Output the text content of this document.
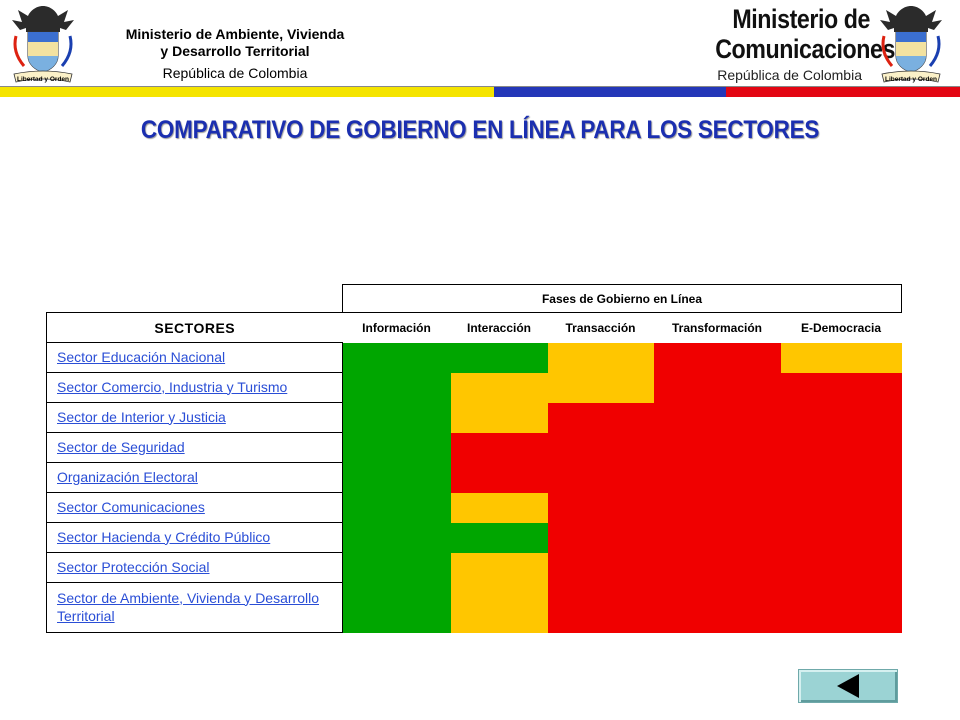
Libertad y Orden
Ministerio de Ambiente, Vivienda
y Desarrollo Territorial
República de Colombia
Ministerio de
Comunicaciones
República de Colombia	Libertad y Orden
COMPARATIVO DE GOBIERNO EN LÍNEA PARA LOS SECTORES
	Fases de Gobierno en Línea				
SECTORES	Información	Interacción	Transacción	Transformación	E-Democracia
Sector Educación Nacional					
Sector Comercio, Industria y Turismo					
Sector de Interior y Justicia					
Sector de Seguridad					
Organización Electoral					
Sector Comunicaciones					
Sector Hacienda y Crédito Público					
Sector Protección Social					
Sector de Ambiente, Vivienda y Desarrollo Territorial					
